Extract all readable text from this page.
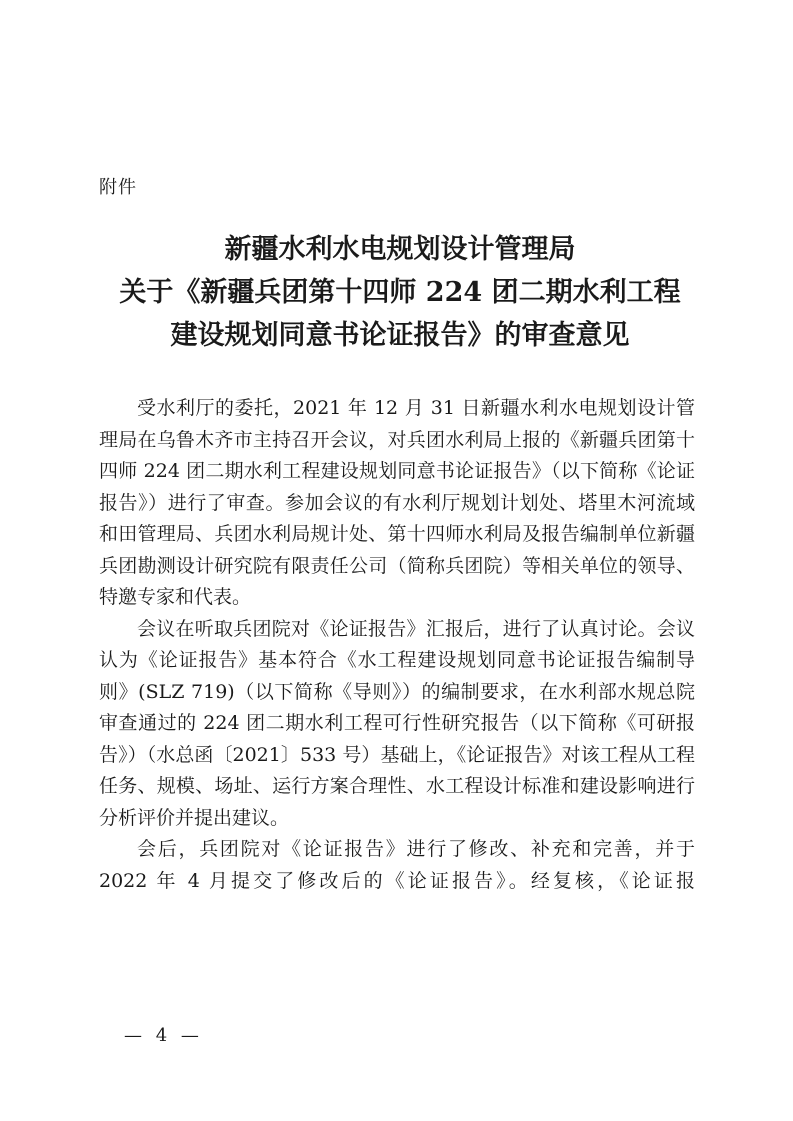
附件
新疆水利水电规划设计管理局
关于《新疆兵团第十四师 224 团二期水利工程
建设规划同意书论证报告》的审查意见

受水利厅的委托，2021 年 12 月 31 日新疆水利水电规划设计管理局在乌鲁木齐市主持召开会议，对兵团水利局上报的《新疆兵团第十四师 224 团二期水利工程建设规划同意书论证报告》（以下简称《论证报告》）进行了审查。参加会议的有水利厅规划计划处、塔里木河流域和田管理局、兵团水利局规计处、第十四师水利局及报告编制单位新疆兵团勘测设计研究院有限责任公司（简称兵团院）等相关单位的领导、特邀专家和代表。

会议在听取兵团院对《论证报告》汇报后，进行了认真讨论。会议认为《论证报告》基本符合《水工程建设规划同意书论证报告编制导则》(SLZ 719)（以下简称《导则》）的编制要求，在水利部水规总院审查通过的 224 团二期水利工程可行性研究报告（以下简称《可研报告》）（水总函〔2021〕533 号）基础上，《论证报告》对该工程从工程任务、规模、场址、运行方案合理性、水工程设计标准和建设影响进行分析评价并提出建议。

会后，兵团院对《论证报告》进行了修改、补充和完善，并于 2022 年 4 月提交了修改后的《论证报告》。经复核，《论证报

— 4 —
